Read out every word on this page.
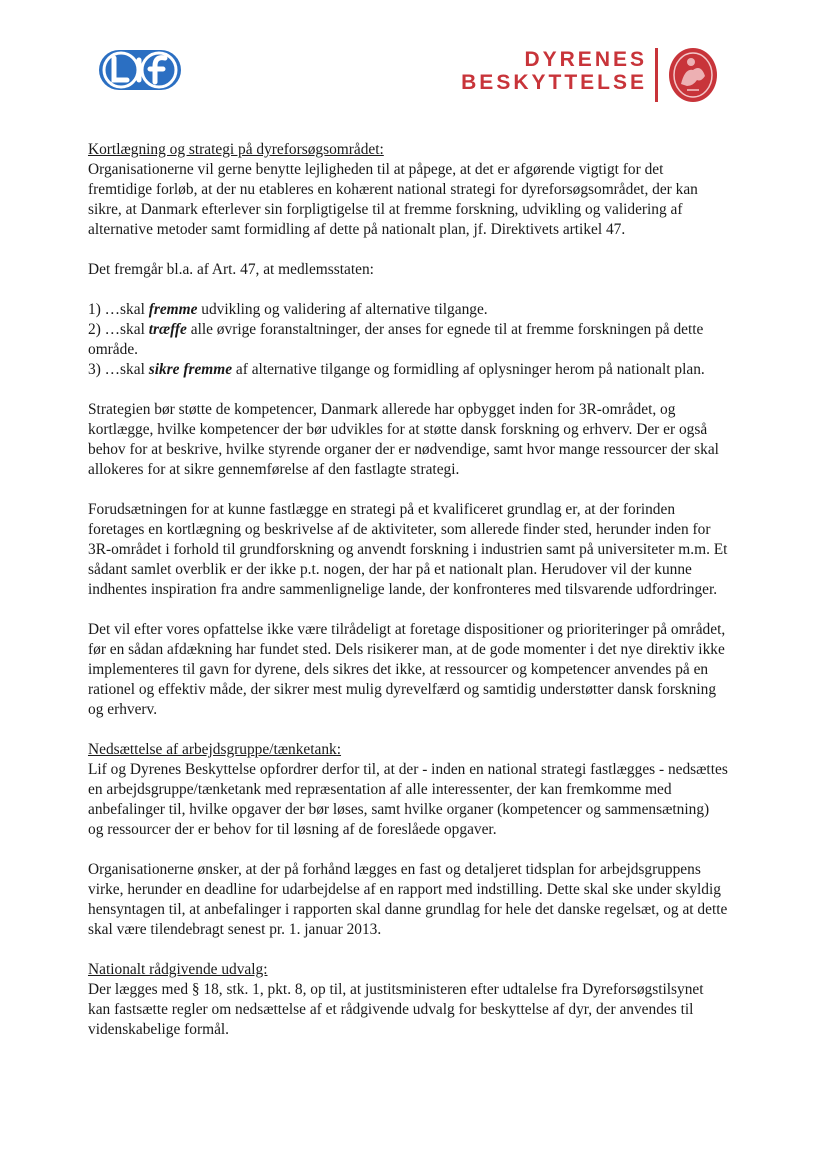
DYRENES
BESKYTTELSE

Kortlægning og strategi på dyreforsøgsområdet:
Organisationerne vil gerne benytte lejligheden til at påpege, at det er afgørende vigtigt for det fremtidige forløb, at der nu etableres en kohærent national strategi for dyreforsøgsområdet, der kan sikre, at Danmark efterlever sin forpligtigelse til at fremme forskning, udvikling og validering af alternative metoder samt formidling af dette på nationalt plan, jf. Direktivets artikel 47.

Det fremgår bl.a. af Art. 47, at medlemsstaten:

1) …skal fremme udvikling og validering af alternative tilgange.

2) …skal træffe alle øvrige foranstaltninger, der anses for egnede til at fremme forskningen på dette område.

3) …skal sikre fremme af alternative tilgange og formidling af oplysninger herom på nationalt plan.

Strategien bør støtte de kompetencer, Danmark allerede har opbygget inden for 3R-området, og kortlægge, hvilke kompetencer der bør udvikles for at støtte dansk forskning og erhverv. Der er også behov for at beskrive, hvilke styrende organer der er nødvendige, samt hvor mange ressourcer der skal allokeres for at sikre gennemførelse af den fastlagte strategi.

Forudsætningen for at kunne fastlægge en strategi på et kvalificeret grundlag er, at der forinden foretages en kortlægning og beskrivelse af de aktiviteter, som allerede finder sted, herunder inden for 3R-området i forhold til grundforskning og anvendt forskning i industrien samt på universiteter m.m. Et sådant samlet overblik er der ikke p.t. nogen, der har på et nationalt plan. Herudover vil der kunne indhentes inspiration fra andre sammenlignelige lande, der konfronteres med tilsvarende udfordringer.

Det vil efter vores opfattelse ikke være tilrådeligt at foretage dispositioner og prioriteringer på området, før en sådan afdækning har fundet sted. Dels risikerer man, at de gode momenter i det nye direktiv ikke implementeres til gavn for dyrene, dels sikres det ikke, at ressourcer og kompetencer anvendes på en rationel og effektiv måde, der sikrer mest mulig dyrevelfærd og samtidig understøtter dansk forskning og erhverv.

Nedsættelse af arbejdsgruppe/tænketank:
Lif og Dyrenes Beskyttelse opfordrer derfor til, at der - inden en national strategi fastlægges - nedsættes en arbejdsgruppe/tænketank med repræsentation af alle interessenter, der kan fremkomme med anbefalinger til, hvilke opgaver der bør løses, samt hvilke organer (kompetencer og sammensætning) og ressourcer der er behov for til løsning af de foreslåede opgaver.

Organisationerne ønsker, at der på forhånd lægges en fast og detaljeret tidsplan for arbejdsgruppens virke, herunder en deadline for udarbejdelse af en rapport med indstilling. Dette skal ske under skyldig hensyntagen til, at anbefalinger i rapporten skal danne grundlag for hele det danske regelsæt, og at dette skal være tilendebragt senest pr. 1. januar 2013.

Nationalt rådgivende udvalg:
Der lægges med § 18, stk. 1, pkt. 8, op til, at justitsministeren efter udtalelse fra Dyreforsøgstilsynet kan fastsætte regler om nedsættelse af et rådgivende udvalg for beskyttelse af dyr, der anvendes til videnskabelige formål.
